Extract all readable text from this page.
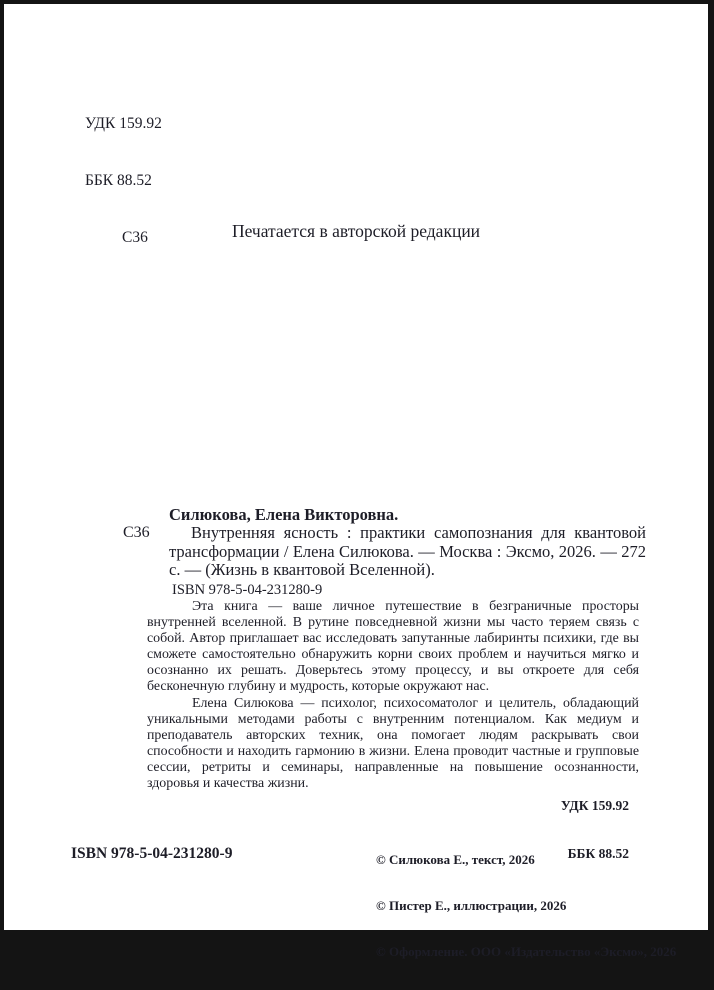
УДК 159.92

ББК 88.52

С36

	Печатается в авторской редакции
Силюкова, Елена Викторовна.

С36	Внутренняя ясность : практики самопознания для квантовой трансформации / Елена Силюкова. — Москва : Эксмо, 2026. — 272 с. — (Жизнь в квантовой Вселенной).

ISBN 978-5-04-231280-9

Эта книга — ваше личное путешествие в безграничные просторы внутренней вселенной. В рутине повседневной жизни мы часто теряем связь с собой. Автор приглашает вас исследовать запутанные лабиринты психики, где вы сможете самостоятельно обнаружить корни своих проблем и научиться мягко и осознанно их решать. Доверьтесь этому процессу, и вы откроете для себя бесконечную глубину и мудрость, которые окружают нас.

Елена Силюкова — психолог, психосоматолог и целитель, обладающий уникальными методами работы с внутренним потенциалом. Как медиум и преподаватель авторских техник, она помогает людям раскрывать свои способности и находить гармонию в жизни. Елена проводит частные и групповые сессии, ретриты и семинары, направленные на повышение осознанности, здоровья и качества жизни.

УДК 159.92

ББК 88.52

© Силюкова Е., текст, 2026

© Пистер Е., иллюстрации, 2026

© Оформление. ООО «Издательство «Эксмо», 2026

ISBN 978-5-04-231280-9
